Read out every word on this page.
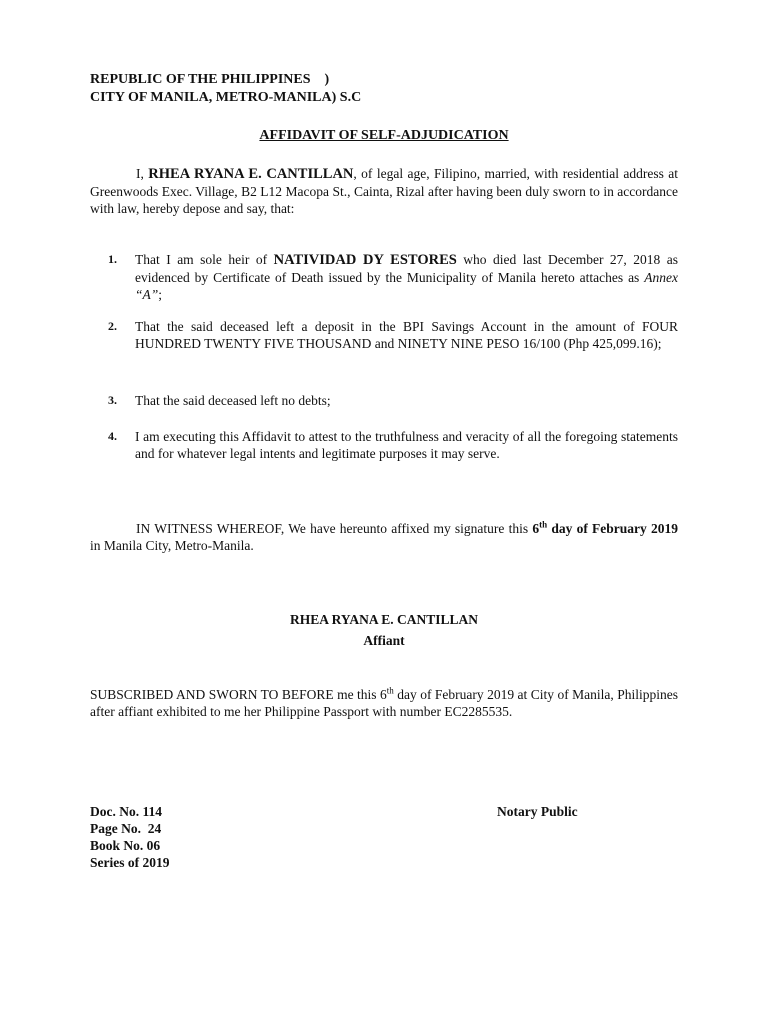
REPUBLIC OF THE PHILIPPINES    )
CITY OF MANILA, METRO-MANILA) S.C
AFFIDAVIT OF SELF-ADJUDICATION
I, RHEA RYANA E. CANTILLAN, of legal age, Filipino, married, with residential address at Greenwoods Exec. Village, B2 L12 Macopa St., Cainta, Rizal after having been duly sworn to in accordance with law, hereby depose and say, that:
1. That I am sole heir of NATIVIDAD DY ESTORES who died last December 27, 2018 as evidenced by Certificate of Death issued by the Municipality of Manila hereto attaches as Annex “A”;
2. That the said deceased left a deposit in the BPI Savings Account in the amount of FOUR HUNDRED TWENTY FIVE THOUSAND and NINETY NINE PESO 16/100 (Php 425,099.16);
3. That the said deceased left no debts;
4. I am executing this Affidavit to attest to the truthfulness and veracity of all the foregoing statements and for whatever legal intents and legitimate purposes it may serve.
IN WITNESS WHEREOF, We have hereunto affixed my signature this 6th day of February 2019 in Manila City, Metro-Manila.
RHEA RYANA E. CANTILLAN
Affiant
SUBSCRIBED AND SWORN TO BEFORE me this 6th day of February 2019 at City of Manila, Philippines after affiant exhibited to me her Philippine Passport with number EC2285535.
Doc. No. 114
Page No.  24
Book No. 06
Series of 2019
Notary Public
